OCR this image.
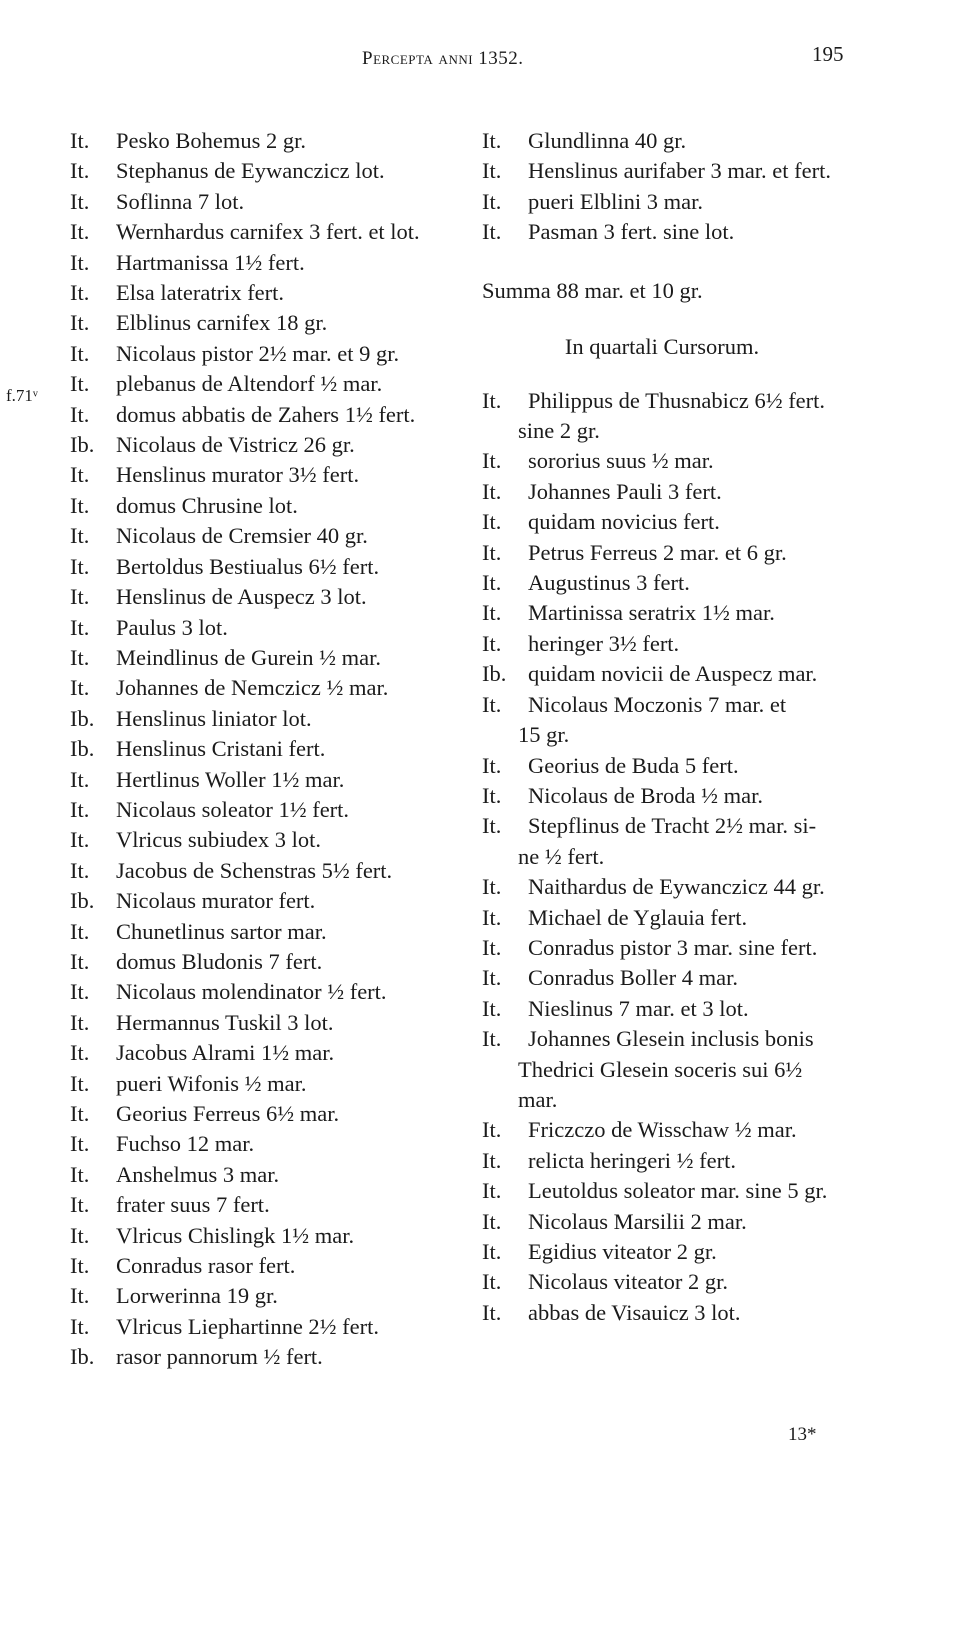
Percepta anni 1352.	195
f.71ᵛ
It. Pesko Bohemus 2 gr.
It. Stephanus de Eywanczicz lot.
It. Soflinna 7 lot.
It. Wernhardus carnifex 3 fert. et lot.
It. Hartmanissa 1½ fert.
It. Elsa lateratrix fert.
It. Elblinus carnifex 18 gr.
It. Nicolaus pistor 2½ mar. et 9 gr.
It. plebanus de Altendorf ½ mar.
It. domus abbatis de Zahers 1½ fert.
Ib. Nicolaus de Vistricz 26 gr.
It. Henslinus murator 3½ fert.
It. domus Chrusine lot.
It. Nicolaus de Cremsier 40 gr.
It. Bertoldus Bestiualus 6½ fert.
It. Henslinus de Auspecz 3 lot.
It. Paulus 3 lot.
It. Meindlinus de Gurein ½ mar.
It. Johannes de Nemczicz ½ mar.
Ib. Henslinus liniator lot.
Ib. Henslinus Cristani fert.
It. Hertlinus Woller 1½ mar.
It. Nicolaus soleator 1½ fert.
It. Vlricus subiudex 3 lot.
It. Jacobus de Schenstras 5½ fert.
Ib. Nicolaus murator fert.
It. Chunetlinus sartor mar.
It. domus Bludonis 7 fert.
It. Nicolaus molendinator ½ fert.
It. Hermannus Tuskil 3 lot.
It. Jacobus Alrami 1½ mar.
It. pueri Wifonis ½ mar.
It. Georius Ferreus 6½ mar.
It. Fuchso 12 mar.
It. Anshelmus 3 mar.
It. frater suus 7 fert.
It. Vlricus Chislingk 1½ mar.
It. Conradus rasor fert.
It. Lorwerinna 19 gr.
It. Vlricus Liephartinne 2½ fert.
Ib. rasor pannorum ½ fert.
It. Glundlinna 40 gr.
It. Henslinus aurifaber 3 mar. et fert.
It. pueri Elblini 3 mar.
It. Pasman 3 fert. sine lot.
Summa 88 mar. et 10 gr.
In quartali Cursorum.
It. Philippus de Thusnabicz 6½ fert.
sine 2 gr.
It. sororius suus ½ mar.
It. Johannes Pauli 3 fert.
It. quidam novicius fert.
It. Petrus Ferreus 2 mar. et 6 gr.
It. Augustinus 3 fert.
It. Martinissa seratrix 1½ mar.
It. heringer 3½ fert.
Ib. quidam novicii de Auspecz mar.
It. Nicolaus Moczonis 7 mar. et
15 gr.
It. Georius de Buda 5 fert.
It. Nicolaus de Broda ½ mar.
It. Stepflinus de Tracht 2½ mar. si-
ne ½ fert.
It. Naithardus de Eywanczicz 44 gr.
It. Michael de Yglauia fert.
It. Conradus pistor 3 mar. sine fert.
It. Conradus Boller 4 mar.
It. Nieslinus 7 mar. et 3 lot.
It. Johannes Glesein inclusis bonis
Thedrici Glesein soceris sui 6½
mar.
It. Friczczo de Wisschaw ½ mar.
It. relicta heringeri ½ fert.
It. Leutoldus soleator mar. sine 5 gr.
It. Nicolaus Marsilii 2 mar.
It. Egidius viteator 2 gr.
It. Nicolaus viteator 2 gr.
It. abbas de Visauicz 3 lot.
13*
